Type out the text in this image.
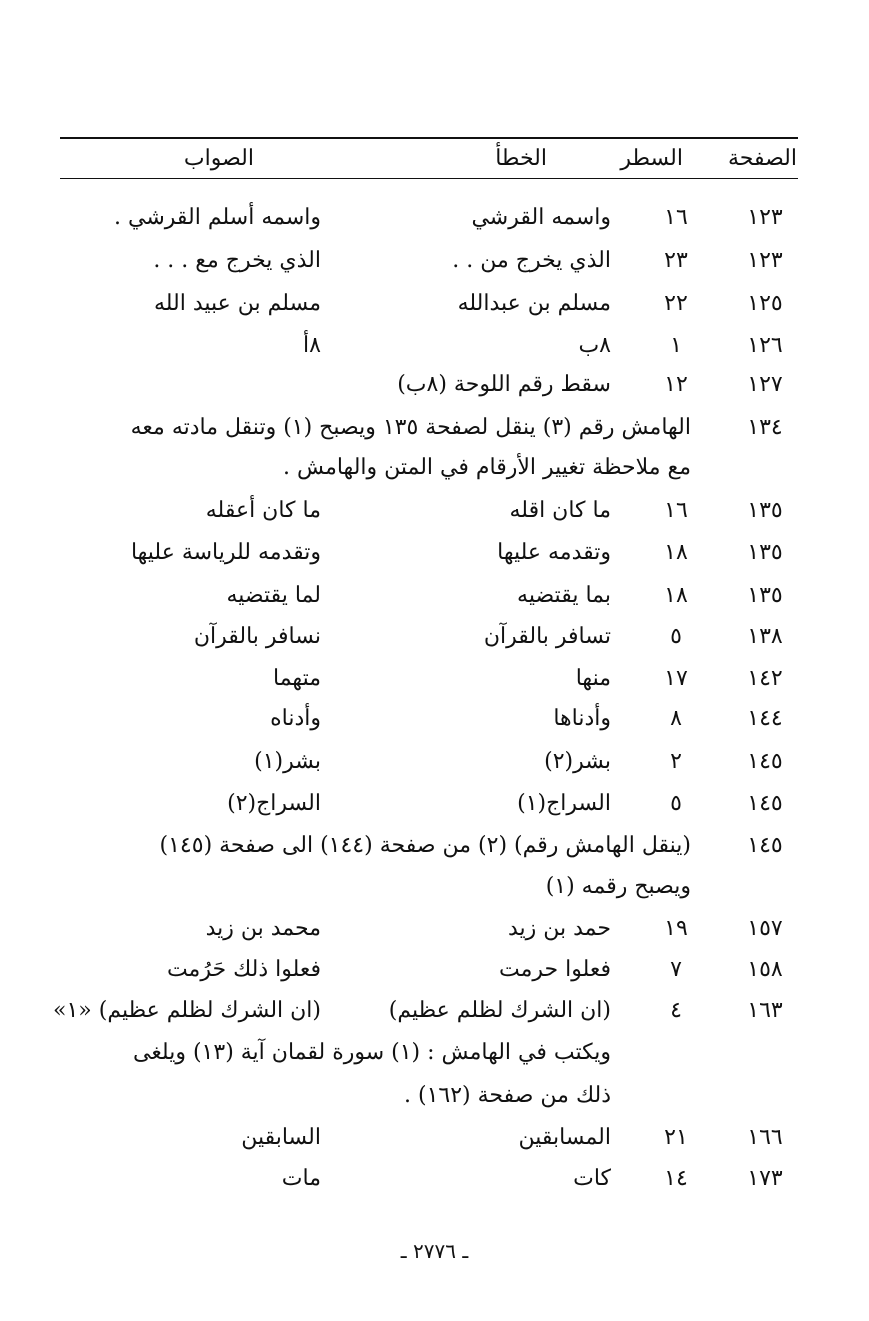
الصفحة
السطر
الخطأ
الصواب
١٢٣
١٦
واسمه القرشي
واسمه أسلم القرشي .
١٢٣
٢٣
الذي يخرج من . .
الذي يخرج مع . . .
١٢٥
٢٢
مسلم بن عبدالله
مسلم بن عبيد الله
١٢٦
١
٨ب
٨أ
١٢٧
١٢
سقط رقم اللوحة (٨ب)
١٣٤
الهامش رقم (٣) ينقل لصفحة ١٣٥ ويصبح (١) وتنقل مادته معه
مع ملاحظة تغيير الأرقام في المتن والهامش .
١٣٥
١٦
ما كان اقله
ما كان أعقله
١٣٥
١٨
وتقدمه عليها
وتقدمه للرياسة عليها
١٣٥
١٨
بما يقتضيه
لما يقتضيه
١٣٨
٥
تسافر بالقرآن
نسافر بالقرآن
١٤٢
١٧
منها
متهما
١٤٤
٨
وأدناها
وأدناه
١٤٥
٢
بشر(٢)
بشر(١)
١٤٥
٥
السراج(١)
السراج(٢)
١٤٥
(ينقل الهامش رقم) (٢) من صفحة (١٤٤) الى صفحة (١٤٥)
ويصبح رقمه (١)
١٥٧
١٩
حمد بن زيد
محمد بن زيد
١٥٨
٧
فعلوا حرمت
فعلوا ذلك حَرُمت
١٦٣
٤
(ان الشرك لظلم عظيم)
(ان الشرك لظلم عظيم) «١»
ويكتب في الهامش : (١) سورة لقمان آية (١٣) ويلغى
ذلك من صفحة (١٦٢) .
١٦٦
٢١
المسابقين
السابقين
١٧٣
١٤
كات
مات
ـ ٢٧٧٦ ـ
